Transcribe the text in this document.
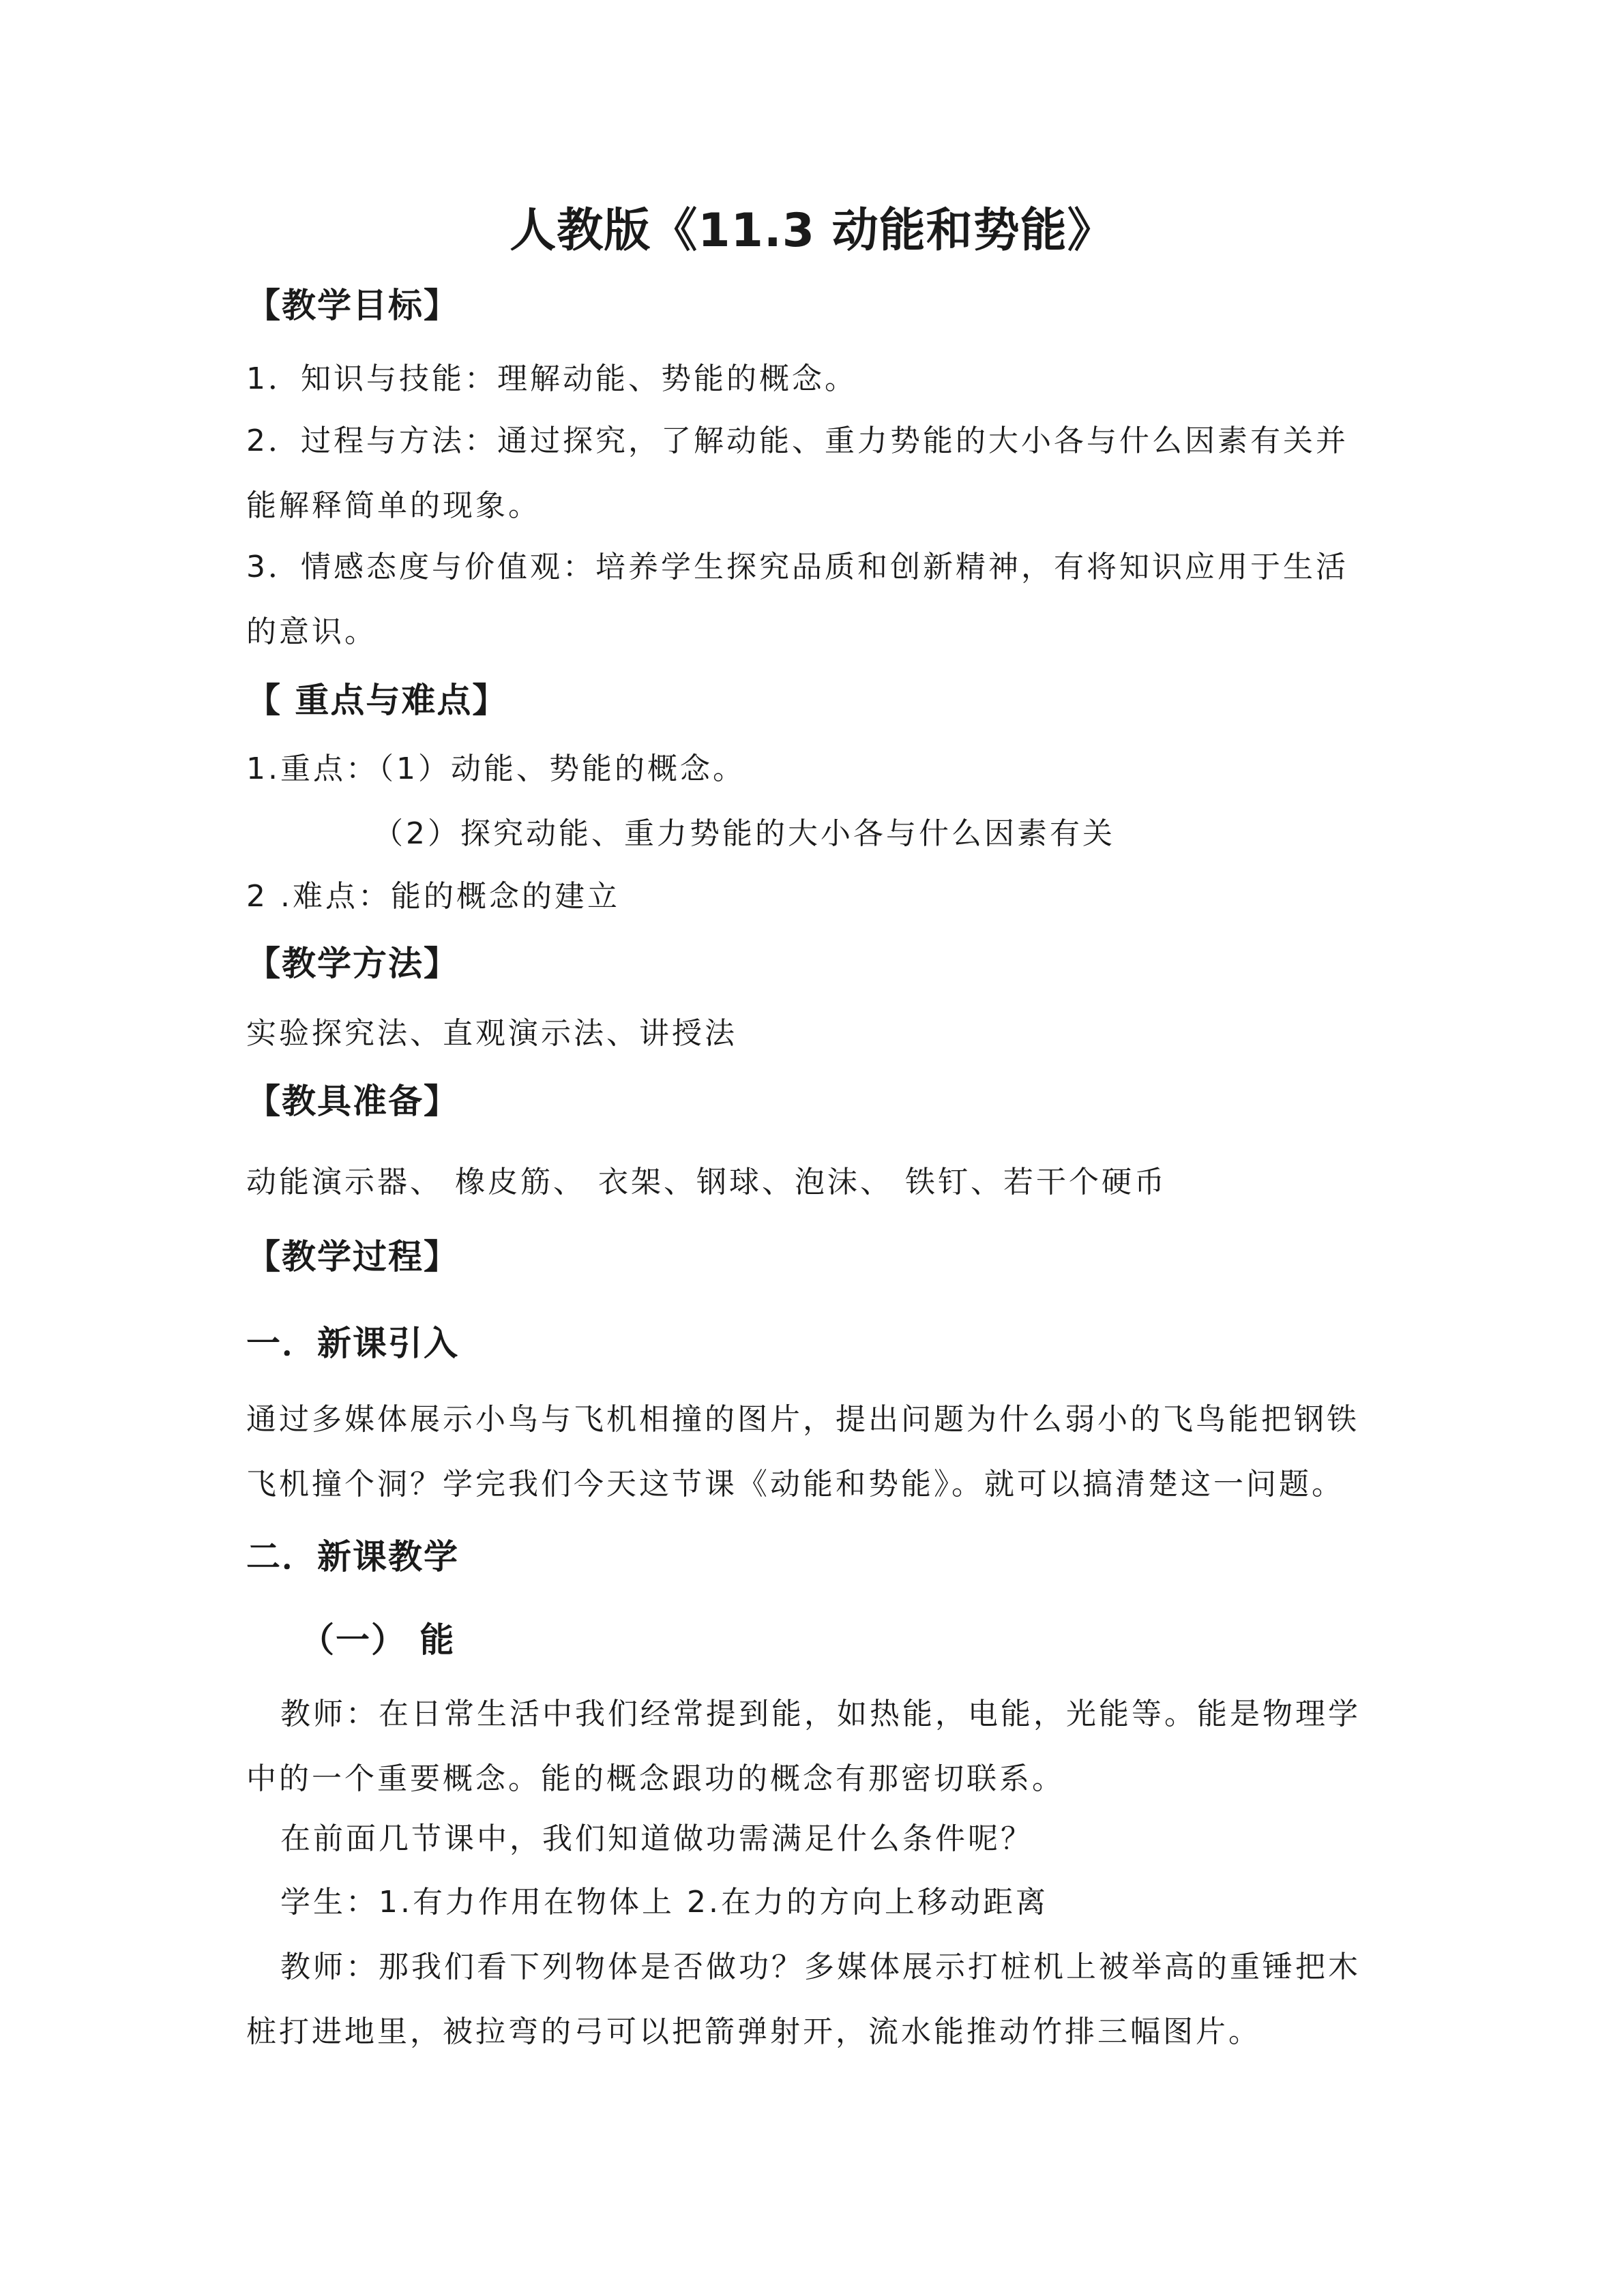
人教版《11.3 动能和势能》
【教学目标】
1．知识与技能：理解动能、势能的概念。
2．过程与方法：通过探究，了解动能、重力势能的大小各与什么因素有关并能解释简单的现象。
3．情感态度与价值观：培养学生探究品质和创新精神，有将知识应用于生活的意识。
【 重点与难点】
1.重点：（1）动能、势能的概念。
（2）探究动能、重力势能的大小各与什么因素有关
2 .难点：能的概念的建立
【教学方法】
实验探究法、直观演示法、讲授法
【教具准备】
动能演示器、 橡皮筋、 衣架、钢球、泡沫、 铁钉、若干个硬币
【教学过程】
一．新课引入
通过多媒体展示小鸟与飞机相撞的图片，提出问题为什么弱小的飞鸟能把钢铁飞机撞个洞？学完我们今天这节课《动能和势能》。就可以搞清楚这一问题。
二．新课教学
（一） 能
教师：在日常生活中我们经常提到能，如热能，电能，光能等。能是物理学中的一个重要概念。能的概念跟功的概念有那密切联系。
在前面几节课中，我们知道做功需满足什么条件呢？
学生：1.有力作用在物体上 2.在力的方向上移动距离
教师：那我们看下列物体是否做功？多媒体展示打桩机上被举高的重锤把木桩打进地里，被拉弯的弓可以把箭弹射开，流水能推动竹排三幅图片。
